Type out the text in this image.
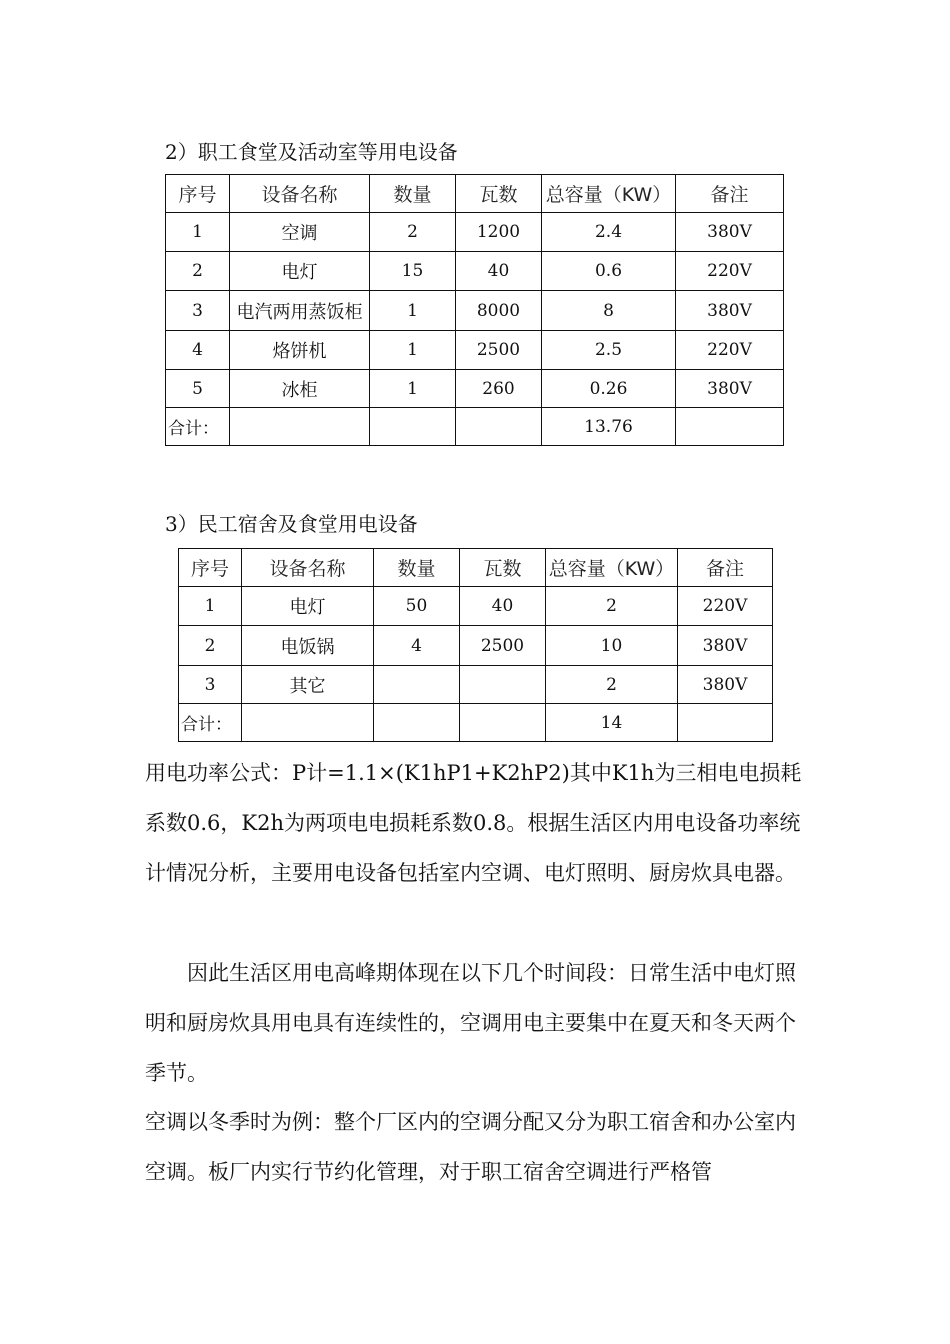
2）职工食堂及活动室等用电设备
序号	设备名称	数量	瓦数	总容量（KW）	备注
1	空调	2	1200	2.4	380V
2	电灯	15	40	0.6	220V
3	电汽两用蒸饭柜	1	8000	8	380V
4	烙饼机	1	2500	2.5	220V
5	冰柜	1	260	0.26	380V
合计：				13.76	
3）民工宿舍及食堂用电设备
序号	设备名称	数量	瓦数	总容量（KW）	备注
1	电灯	50	40	2	220V
2	电饭锅	4	2500	10	380V
3	其它			2	380V
合计：				14	

用电功率公式：P计=1.1×(K1hP1+K2hP2)其中K1h为三相电电损耗系数0.6，K2h为两项电电损耗系数0.8。根据生活区内用电设备功率统计情况分析，主要用电设备包括室内空调、电灯照明、厨房炊具电器。

因此生活区用电高峰期体现在以下几个时间段：日常生活中电灯照明和厨房炊具用电具有连续性的，空调用电主要集中在夏天和冬天两个季节。

空调以冬季时为例：整个厂区内的空调分配又分为职工宿舍和办公室内空调。板厂内实行节约化管理，对于职工宿舍空调进行严格管
